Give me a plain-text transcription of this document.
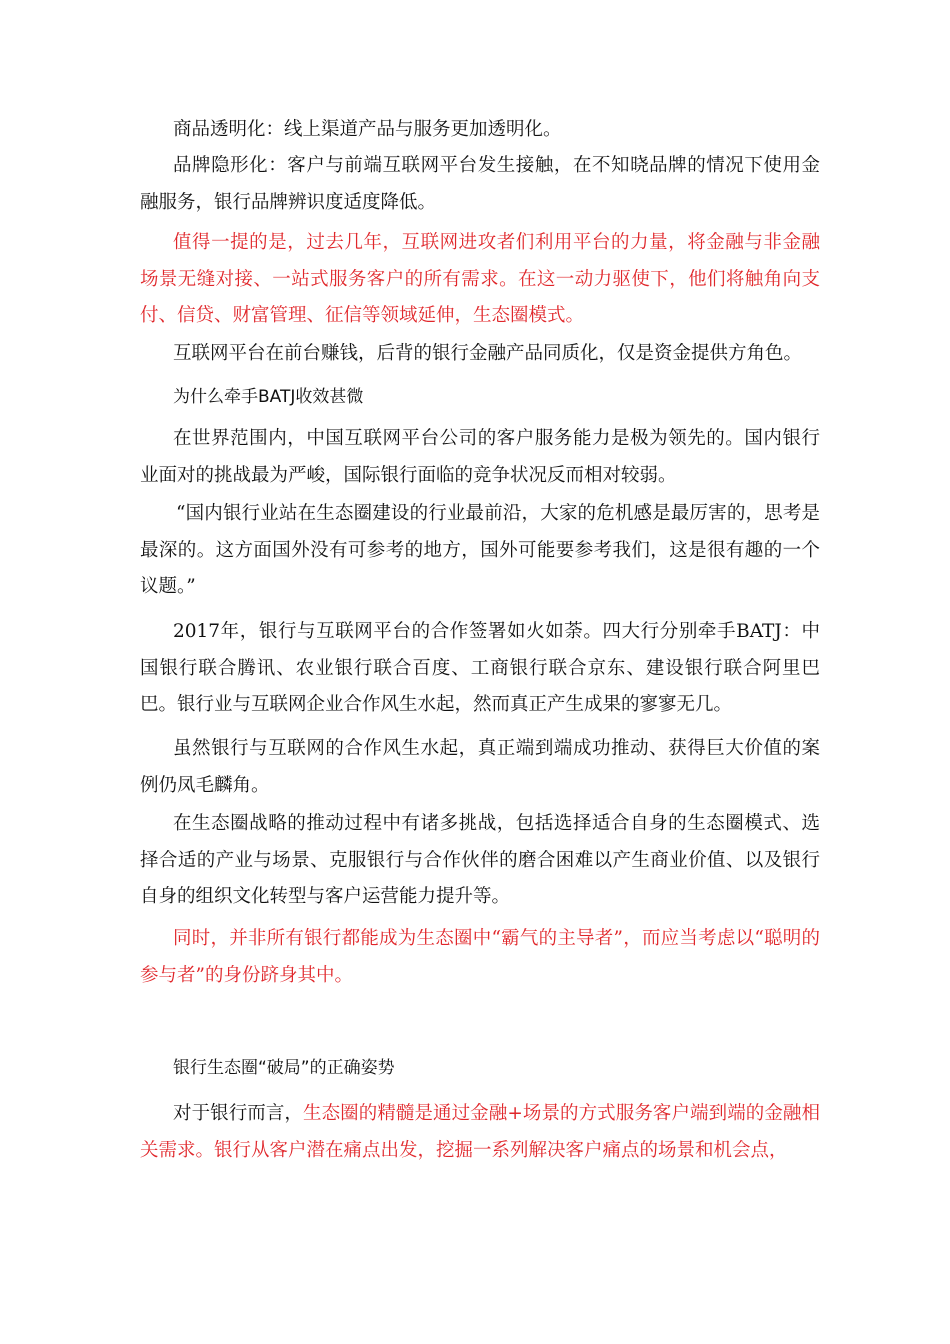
商品透明化：线上渠道产品与服务更加透明化。

品牌隐形化：客户与前端互联网平台发生接触，在不知晓品牌的情况下使用金融服务，银行品牌辨识度适度降低。

值得一提的是，过去几年，互联网进攻者们利用平台的力量，将金融与非金融场景无缝对接、一站式服务客户的所有需求。在这一动力驱使下，他们将触角向支付、信贷、财富管理、征信等领域延伸，生态圈模式。

互联网平台在前台赚钱，后背的银行金融产品同质化，仅是资金提供方角色。

为什么牵手BATJ收效甚微

在世界范围内，中国互联网平台公司的客户服务能力是极为领先的。国内银行业面对的挑战最为严峻，国际银行面临的竞争状况反而相对较弱。

“国内银行业站在生态圈建设的行业最前沿，大家的危机感是最厉害的，思考是最深的。这方面国外没有可参考的地方，国外可能要参考我们，这是很有趣的一个议题。”

2017年，银行与互联网平台的合作签署如火如荼。四大行分别牵手BATJ：中国银行联合腾讯、农业银行联合百度、工商银行联合京东、建设银行联合阿里巴巴。银行业与互联网企业合作风生水起，然而真正产生成果的寥寥无几。

虽然银行与互联网的合作风生水起，真正端到端成功推动、获得巨大价值的案例仍凤毛麟角。

在生态圈战略的推动过程中有诸多挑战，包括选择适合自身的生态圈模式、选择合适的产业与场景、克服银行与合作伙伴的磨合困难以产生商业价值、以及银行自身的组织文化转型与客户运营能力提升等。

同时，并非所有银行都能成为生态圈中“霸气的主导者”，而应当考虑以“聪明的参与者”的身份跻身其中。

银行生态圈“破局”的正确姿势

对于银行而言，生态圈的精髓是通过金融+场景的方式服务客户端到端的金融相关需求。银行从客户潜在痛点出发，挖掘一系列解决客户痛点的场景和机会点，
